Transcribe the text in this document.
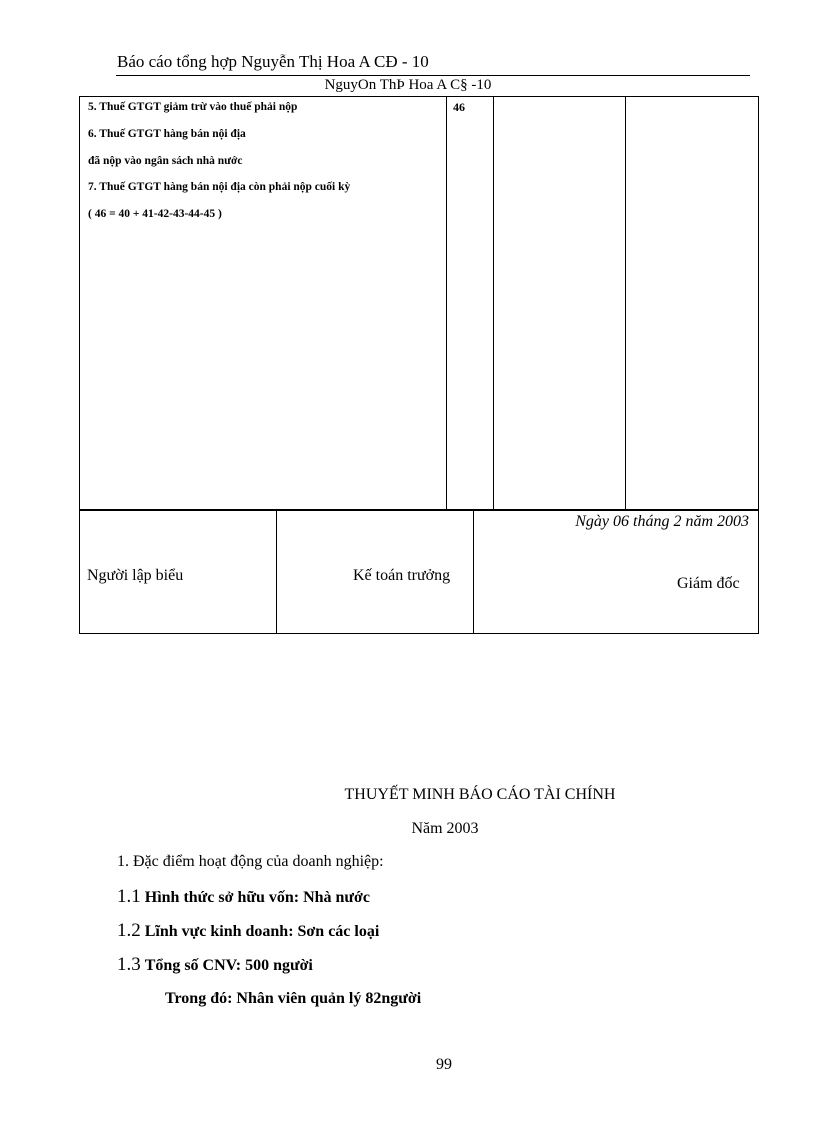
Báo cáo tổng hợp Nguyễn Thị Hoa A CĐ - 10
NguyOn ThÞ Hoa A C§ -10
5. Thuế GTGT giảm trừ vào thuế phải nộp
6. Thuế GTGT hàng bán nội địa
đã nộp vào ngân sách nhà nước
7. Thuế GTGT hàng bán nội địa còn phải nộp cuối kỳ
( 46 = 40 + 41-42-43-44-45 )
46
Ngày 06 tháng 2 năm 2003
Người lập biểu	Kế toán trưởng	Giám đốc
THUYẾT MINH BÁO CÁO TÀI CHÍNH
Năm 2003
1. Đặc điểm hoạt động của doanh nghiệp:
1.1 Hình thức sở hữu vốn: Nhà nước
1.2 Lĩnh vực kinh doanh: Sơn các loại
1.3 Tổng số CNV: 500 người
Trong đó: Nhân viên quản lý 82người
99
